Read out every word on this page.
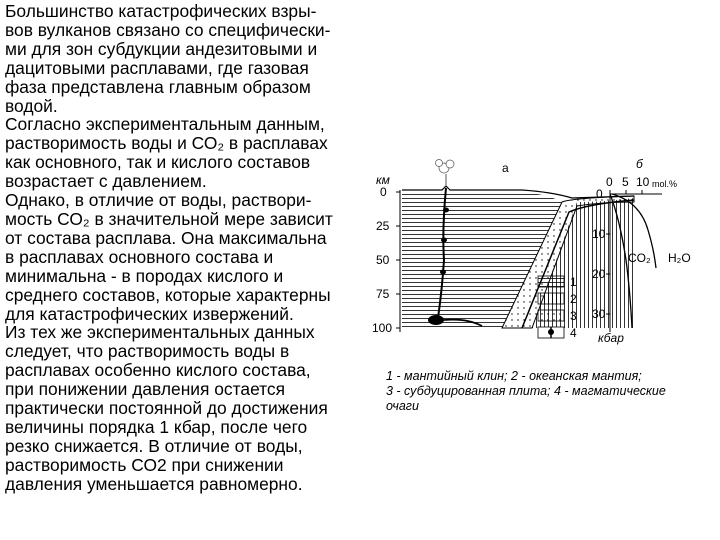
Большинство катастрофических взры-
вов вулканов связано со специфически-
ми для зон субдукции андезитовыми и
дацитовыми расплавами, где газовая
фаза представлена главным образом
водой.

Согласно экспериментальным данным,
растворимость воды и СО₂ в расплавах
как основного, так и кислого составов
возрастает с давлением.

Однако, в отличие от воды, раствори-
мость СО₂ в значительной мере зависит
от состава расплава. Она максимальна
в расплавах основного состава и
минимальна - в породах кислого и
среднего составов, которые характерны
для катастрофических извержений.

Из тех же экспериментальных данных
следует, что растворимость воды в
расплавах особенно кислого состава,
при понижении давления остается
практически постоянной до достижения
величины порядка 1 кбар, после чего
резко снижается. В отличие от воды,
растворимость СО2 при снижении
давления уменьшается равномерно.

а	б
км
0
25
50
75
100
0 5 10 mol.%
0
10
20
30
кбар
CO₂ H₂O
1
2
3
4
1 - мантийный клин; 2 - океанская мантия;
3 - субдуцированная плита; 4 - магматические
очаги
